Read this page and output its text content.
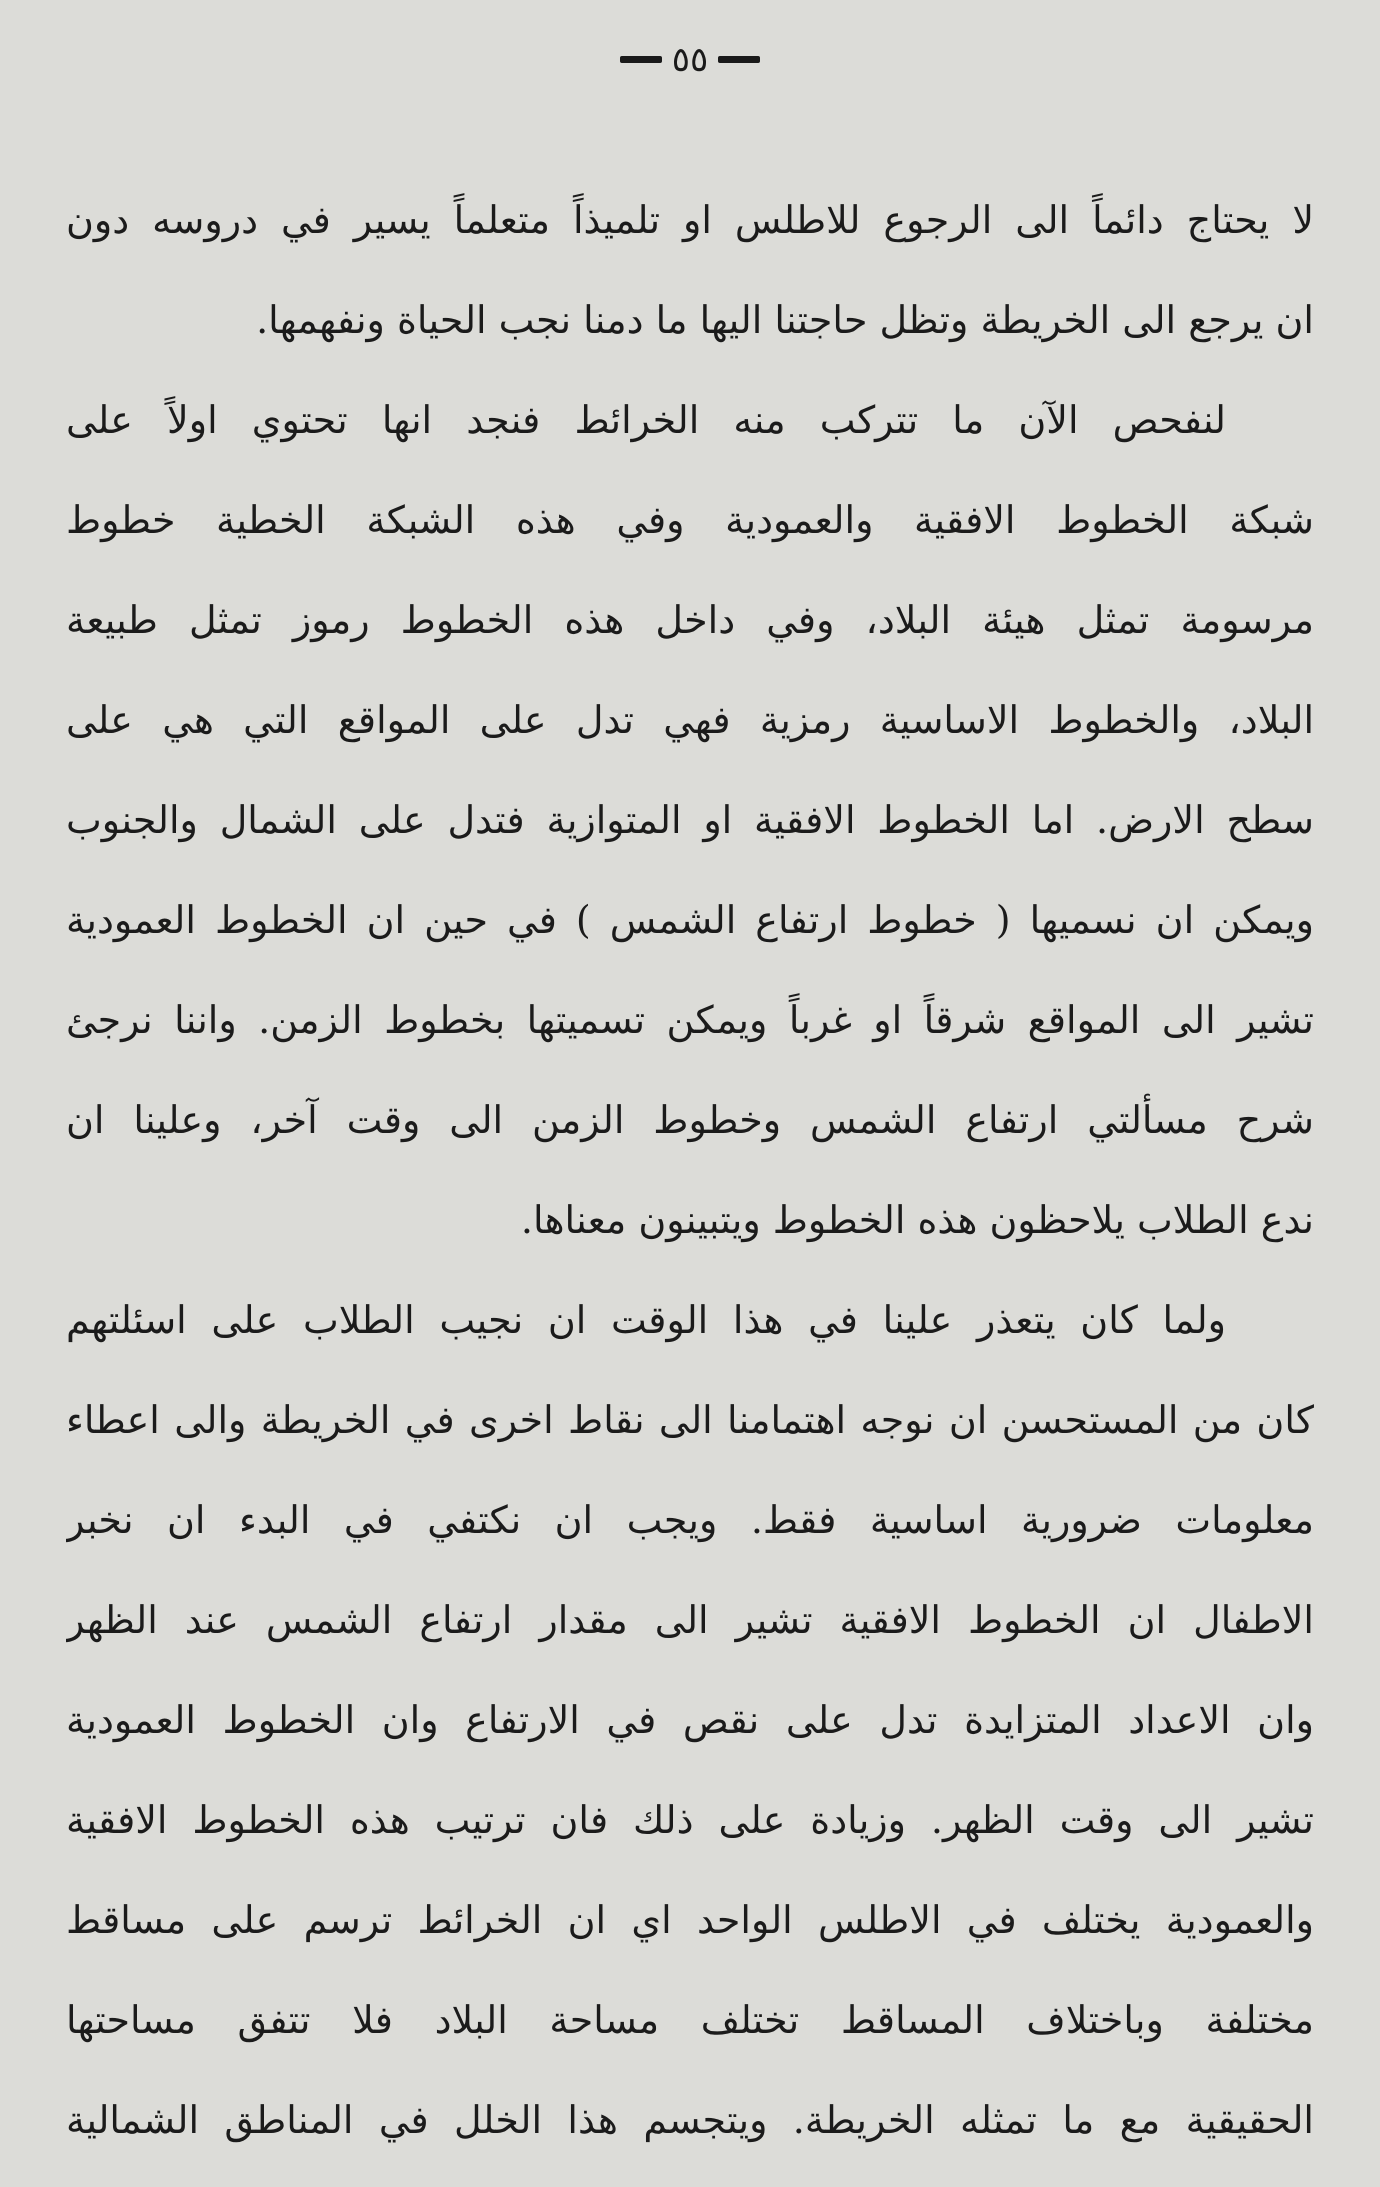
٥٥
لا يحتاج دائماً الى الرجوع للاطلس او تلميذاً متعلماً يسير في دروسه دون
ان يرجع الى الخريطة وتظل حاجتنا اليها ما دمنا نجب الحياة ونفهمها.
لنفحص الآن ما تتركب منه الخرائط فنجد انها تحتوي اولاً على
شبكة الخطوط الافقية والعمودية وفي هذه الشبكة الخطية خطوط
مرسومة تمثل هيئة البلاد، وفي داخل هذه الخطوط رموز تمثل طبيعة
البلاد، والخطوط الاساسية رمزية فهي تدل على المواقع التي هي على
سطح الارض. اما الخطوط الافقية او المتوازية فتدل على الشمال والجنوب
ويمكن ان نسميها ( خطوط ارتفاع الشمس ) في حين ان الخطوط العمودية
تشير الى المواقع شرقاً او غرباً ويمكن تسميتها بخطوط الزمن. واننا نرجئ
شرح مسألتي ارتفاع الشمس وخطوط الزمن الى وقت آخر، وعلينا ان
ندع الطلاب يلاحظون هذه الخطوط ويتبينون معناها.
ولما كان يتعذر علينا في هذا الوقت ان نجيب الطلاب على اسئلتهم
كان من المستحسن ان نوجه اهتمامنا الى نقاط اخرى في الخريطة والى اعطاء
معلومات ضرورية اساسية فقط. ويجب ان نكتفي في البدء ان نخبر
الاطفال ان الخطوط الافقية تشير الى مقدار ارتفاع الشمس عند الظهر
وان الاعداد المتزايدة تدل على نقص في الارتفاع وان الخطوط العمودية
تشير الى وقت الظهر. وزيادة على ذلك فان ترتيب هذه الخطوط الافقية
والعمودية يختلف في الاطلس الواحد اي ان الخرائط ترسم على مساقط
مختلفة وباختلاف المساقط تختلف مساحة البلاد فلا تتفق مساحتها
الحقيقية مع ما تمثله الخريطة. ويتجسم هذا الخلل في المناطق الشمالية
